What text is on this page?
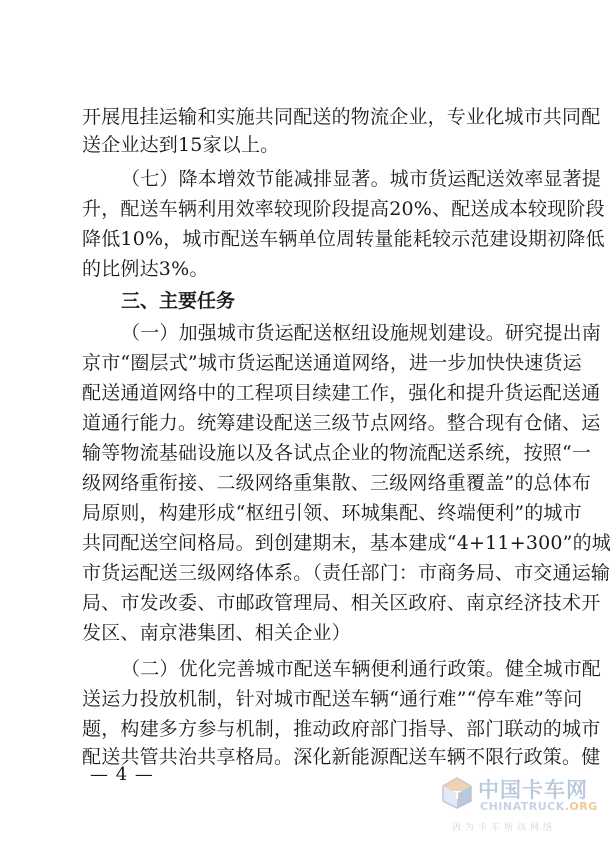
开展甩挂运输和实施共同配送的物流企业，专业化城市共同配
送企业达到15家以上。
（七）降本增效节能减排显著。城市货运配送效率显著提
升，配送车辆利用效率较现阶段提高20%、配送成本较现阶段
降低10%，城市配送车辆单位周转量能耗较示范建设期初降低
的比例达3%。
三、主要任务
（一）加强城市货运配送枢纽设施规划建设。研究提出南
京市“圈层式”城市货运配送通道网络，进一步加快快速货运
配送通道网络中的工程项目续建工作，强化和提升货运配送通
道通行能力。统筹建设配送三级节点网络。整合现有仓储、运
输等物流基础设施以及各试点企业的物流配送系统，按照“一
级网络重衔接、二级网络重集散、三级网络重覆盖”的总体布
局原则，构建形成“枢纽引领、环城集配、终端便利”的城市
共同配送空间格局。到创建期末，基本建成“4+11+300”的城
市货运配送三级网络体系。（责任部门：市商务局、市交通运输
局、市发改委、市邮政管理局、相关区政府、南京经济技术开
发区、南京港集团、相关企业）
（二）优化完善城市配送车辆便利通行政策。健全城市配
送运力投放机制，针对城市配送车辆“通行难”“停车难”等问
题，构建多方参与机制，推动政府部门指导、部门联动的城市
配送共管共治共享格局。深化新能源配送车辆不限行政策。健
— 4 —
T 中国卡车网
CHINATRUCK.ORG
因为卡车所以网络
